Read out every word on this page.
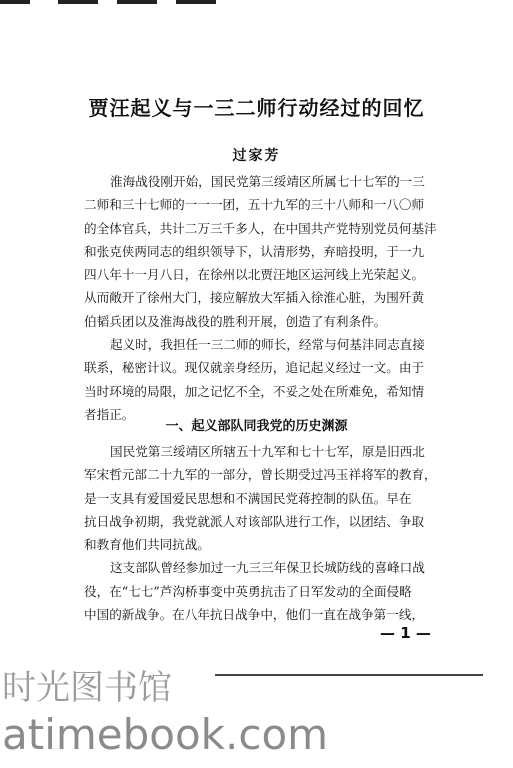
贾汪起义与一三二师行动经过的回忆
过家芳
淮海战役刚开始，国民党第三绥靖区所属七十七军的一三
二师和三十七师的一一一团，五十九军的三十八师和一八〇师
的全体官兵，共计二万三千多人，在中国共产党特别党员何基沣
和张克侠两同志的组织领导下，认清形势，弃暗投明，于一九
四八年十一月八日，在徐州以北贾汪地区运河线上光荣起义。
从而敞开了徐州大门，接应解放大军插入徐淮心脏，为围歼黄
伯韬兵团以及淮海战役的胜利开展，创造了有利条件。
起义时，我担任一三二师的师长，经常与何基沣同志直接
联系，秘密计议。现仅就亲身经历，追记起义经过一文。由于
当时环境的局限，加之记忆不全，不妥之处在所难免，希知情
者指正。
一、起义部队同我党的历史渊源
国民党第三绥靖区所辖五十九军和七十七军，原是旧西北
军宋哲元部二十九军的一部分，曾长期受过冯玉祥将军的教育，
是一支具有爱国爱民思想和不满国民党蒋控制的队伍。早在
抗日战争初期，我党就派人对该部队进行工作，以团结、争取
和教育他们共同抗战。
这支部队曾经参加过一九三三年保卫长城防线的喜峰口战
役，在“七七”芦沟桥事变中英勇抗击了日军发动的全面侵略
中国的新战争。在八年抗日战争中，他们一直在战争第一线，
— 1 —
时光图书馆
atimebook.com
